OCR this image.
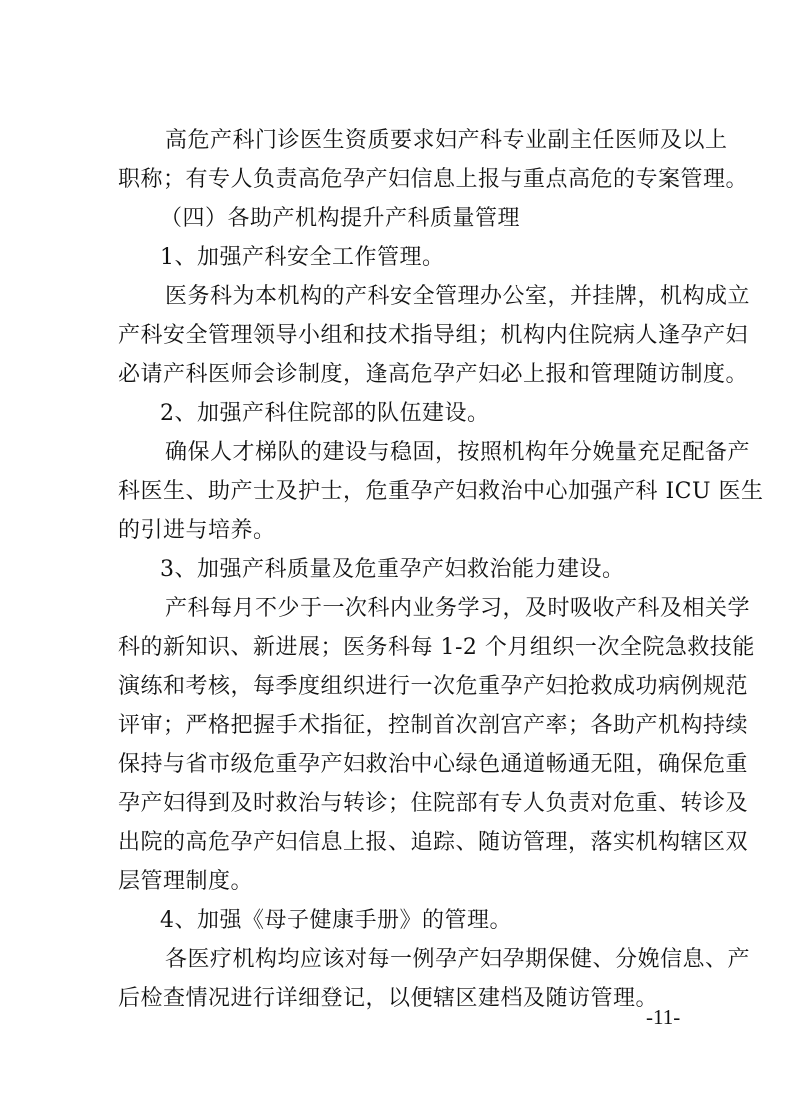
高危产科门诊医生资质要求妇产科专业副主任医师及以上
职称；有专人负责高危孕产妇信息上报与重点高危的专案管理。
（四）各助产机构提升产科质量管理
1、加强产科安全工作管理。
医务科为本机构的产科安全管理办公室，并挂牌，机构成立
产科安全管理领导小组和技术指导组；机构内住院病人逢孕产妇
必请产科医师会诊制度，逢高危孕产妇必上报和管理随访制度。
2、加强产科住院部的队伍建设。
确保人才梯队的建设与稳固，按照机构年分娩量充足配备产
科医生、助产士及护士，危重孕产妇救治中心加强产科 ICU 医生
的引进与培养。
3、加强产科质量及危重孕产妇救治能力建设。
产科每月不少于一次科内业务学习，及时吸收产科及相关学
科的新知识、新进展；医务科每 1-2 个月组织一次全院急救技能
演练和考核，每季度组织进行一次危重孕产妇抢救成功病例规范
评审；严格把握手术指征，控制首次剖宫产率；各助产机构持续
保持与省市级危重孕产妇救治中心绿色通道畅通无阻，确保危重
孕产妇得到及时救治与转诊；住院部有专人负责对危重、转诊及
出院的高危孕产妇信息上报、追踪、随访管理，落实机构辖区双
层管理制度。
4、加强《母子健康手册》的管理。
各医疗机构均应该对每一例孕产妇孕期保健、分娩信息、产
后检查情况进行详细登记，以便辖区建档及随访管理。
-11-
